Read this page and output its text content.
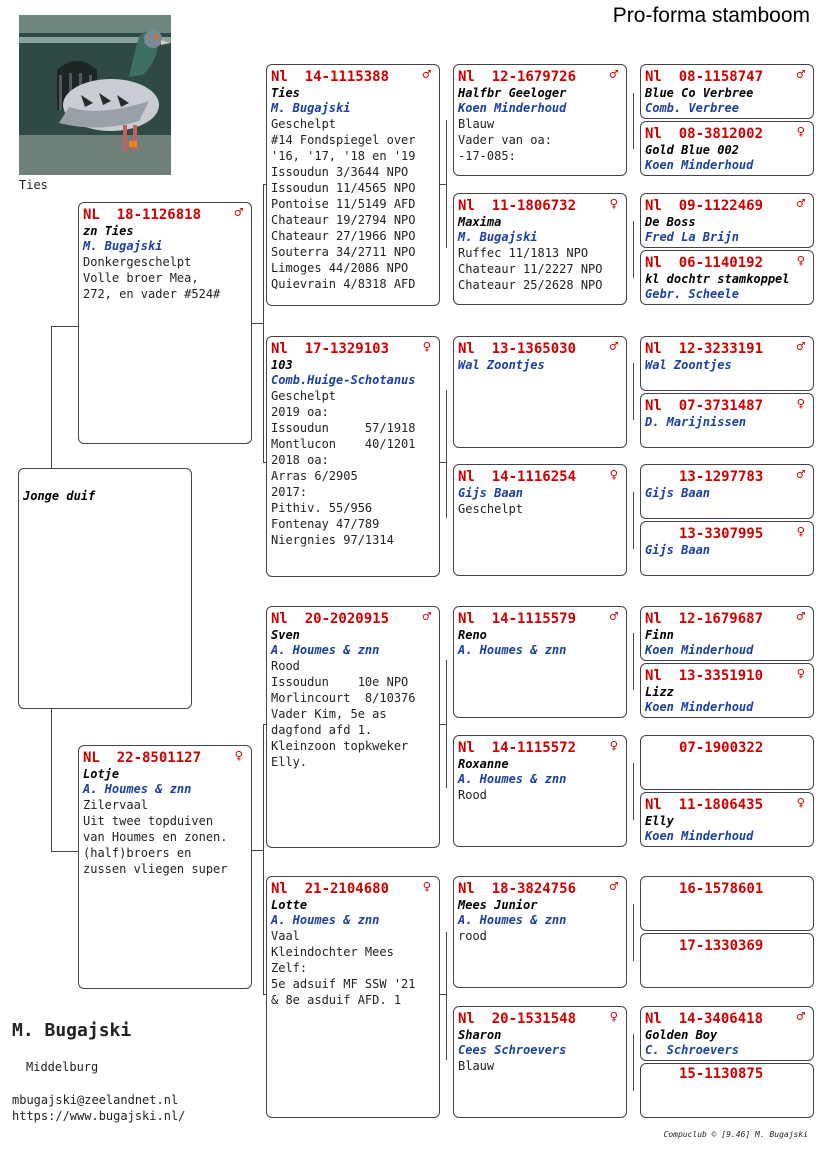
Pro-forma stamboom
Ties
Jonge duif
♂
NL  18-1126818
zn Ties
M. Bugajski
Donkergeschelpt
Volle broer Mea,
272, en vader #524#
♀
NL  22-8501127
Lotje
A. Houmes & znn
Zilervaal
Uit twee topduiven
van Houmes en zonen.
(half)broers en
zussen vliegen super
♂
Nl  14-1115388
Ties
M. Bugajski
Geschelpt
#14 Fondspiegel over
'16, '17, '18 en '19
Issoudun 3/3644 NPO
Issoudun 11/4565 NPO
Pontoise 11/5149 AFD
Chateaur 19/2794 NPO
Chateaur 27/1966 NPO
Souterra 34/2711 NPO
Limoges 44/2086 NPO
Quievrain 4/8318 AFD
♀
Nl  17-1329103
103
Comb.Huige-Schotanus
Geschelpt
2019 oa:
Issoudun     57/1918
Montlucon    40/1201
2018 oa:
Arras 6/2905
2017:
Pithiv. 55/956
Fontenay 47/789
Niergnies 97/1314
♂
Nl  20-2020915
Sven
A. Houmes & znn
Rood
Issoudun    10e NPO
Morlincourt  8/10376
Vader Kim, 5e as
dagfond afd 1.
Kleinzoon topkweker
Elly.
♀
Nl  21-2104680
Lotte
A. Houmes & znn
Vaal
Kleindochter Mees
Zelf:
5e adsuif MF SSW '21
& 8e asduif AFD. 1
♂
Nl  12-1679726
Halfbr Geeloger
Koen Minderhoud
Blauw
Vader van oa:
-17-085:
♀
Nl  11-1806732
Maxima
M. Bugajski
Ruffec 11/1813 NPO
Chateaur 11/2227 NPO
Chateaur 25/2628 NPO
♂
Nl  13-1365030
Wal Zoontjes
♀
Nl  14-1116254
Gijs Baan
Geschelpt
♂
Nl  14-1115579
Reno
A. Houmes & znn
♀
Nl  14-1115572
Roxanne
A. Houmes & znn
Rood
♂
Nl  18-3824756
Mees Junior
A. Houmes & znn
rood
♀
Nl  20-1531548
Sharon
Cees Schroevers
Blauw
♂
Nl  08-1158747
Blue Co Verbree
Comb. Verbree
♀
Nl  08-3812002
Gold Blue 002
Koen Minderhoud
♂
Nl  09-1122469
De Boss
Fred La Brijn
♀
Nl  06-1140192
kl dochtr stamkoppel
Gebr. Scheele
♂
Nl  12-3233191
Wal Zoontjes
♀
Nl  07-3731487
D. Marijnissen
♂
13-1297783
Gijs Baan
♀
13-3307995
Gijs Baan
♂
Nl  12-1679687
Finn
Koen Minderhoud
♀
Nl  13-3351910
Lizz
Koen Minderhoud
07-1900322
♀
Nl  11-1806435
Elly
Koen Minderhoud
16-1578601
17-1330369
♂
Nl  14-3406418
Golden Boy
C. Schroevers
15-1130875
M. Bugajski
Middelburg
mbugajski@zeelandnet.nl
https://www.bugajski.nl/
Compuclub © [9.46] M. Bugajski
